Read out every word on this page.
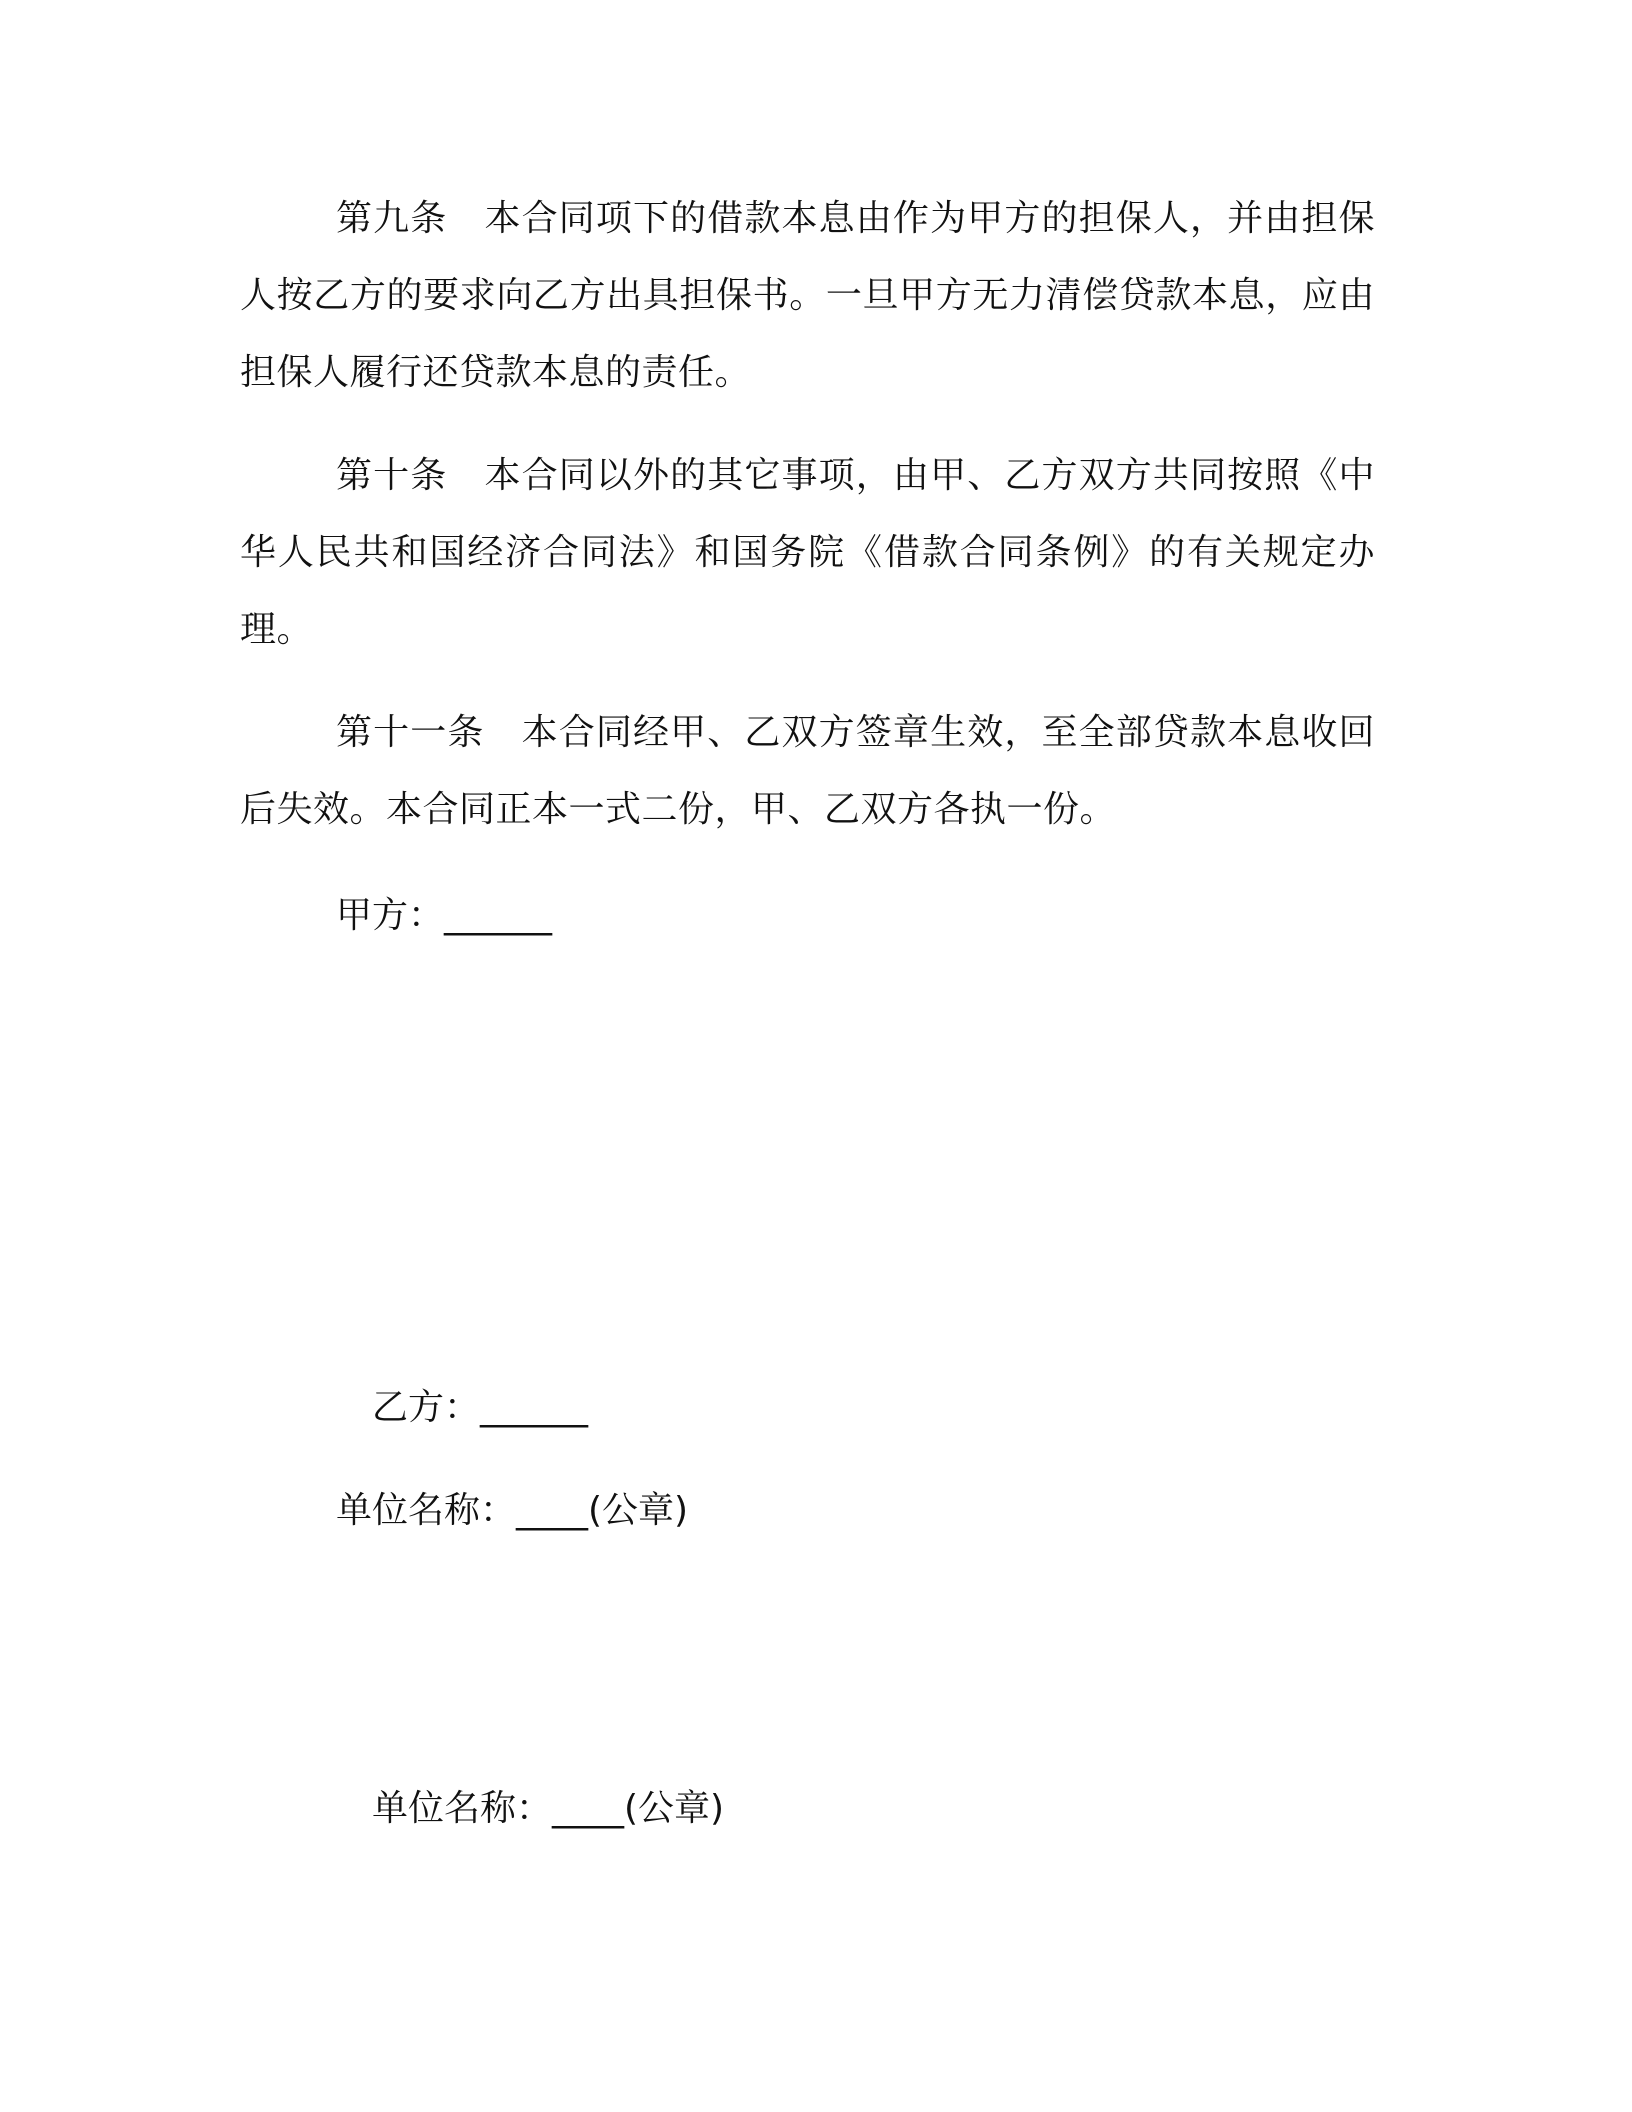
第九条　本合同项下的借款本息由作为甲方的担保人，并由担保人按乙方的要求向乙方出具担保书。一旦甲方无力清偿贷款本息，应由担保人履行还贷款本息的责任。

第十条　本合同以外的其它事项，由甲、乙方双方共同按照《中华人民共和国经济合同法》和国务院《借款合同条例》的有关规定办理。

第十一条　本合同经甲、乙双方签章生效，至全部贷款本息收回后失效。本合同正本一式二份，甲、乙双方各执一份。

甲方：______

乙方：______

单位名称：____(公章)

单位名称：____(公章)
